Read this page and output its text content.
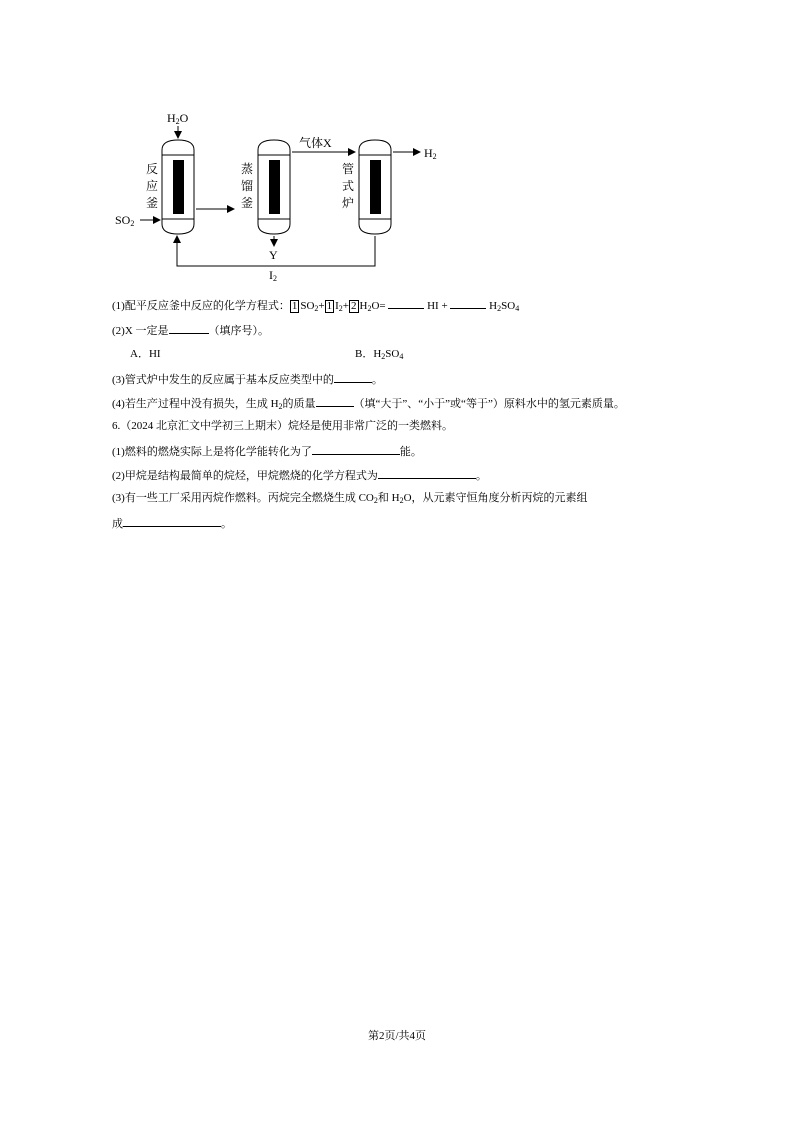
$H_2O$
$SO_2$
反
应
釜
蒸
馏
釜
管
式
炉
气体X
$H_2$
Y
$I_2$
(1)配平反应釜中反应的化学方程式： 1 $SO_2+ 1$ $I_2+ 2$ $H_2O=$	HI +	$H_2SO_4$
(2)X 一定是	（填序号）。
A．HI	B．$H_2SO_4$
(3)管式炉中发生的反应属于基本反应类型中的	。
(4)若生产过程中没有损失，生成 $H_2$的质量	（填“大于”、“小于”或“等于”）原料水中的氢元素质量。
6.（2024 北京汇文中学初三上期末）烷烃是使用非常广泛的一类燃料。
(1)燃料的燃烧实际上是将化学能转化为了	能。
(2)甲烷是结构最简单的烷烃，甲烷燃烧的化学方程式为	。
(3)有一些工厂采用丙烷作燃料。丙烷完全燃烧生成 $CO_2$和 $H_2O$，从元素守恒角度分析丙烷的元素组
成	。
第2页/共4页
